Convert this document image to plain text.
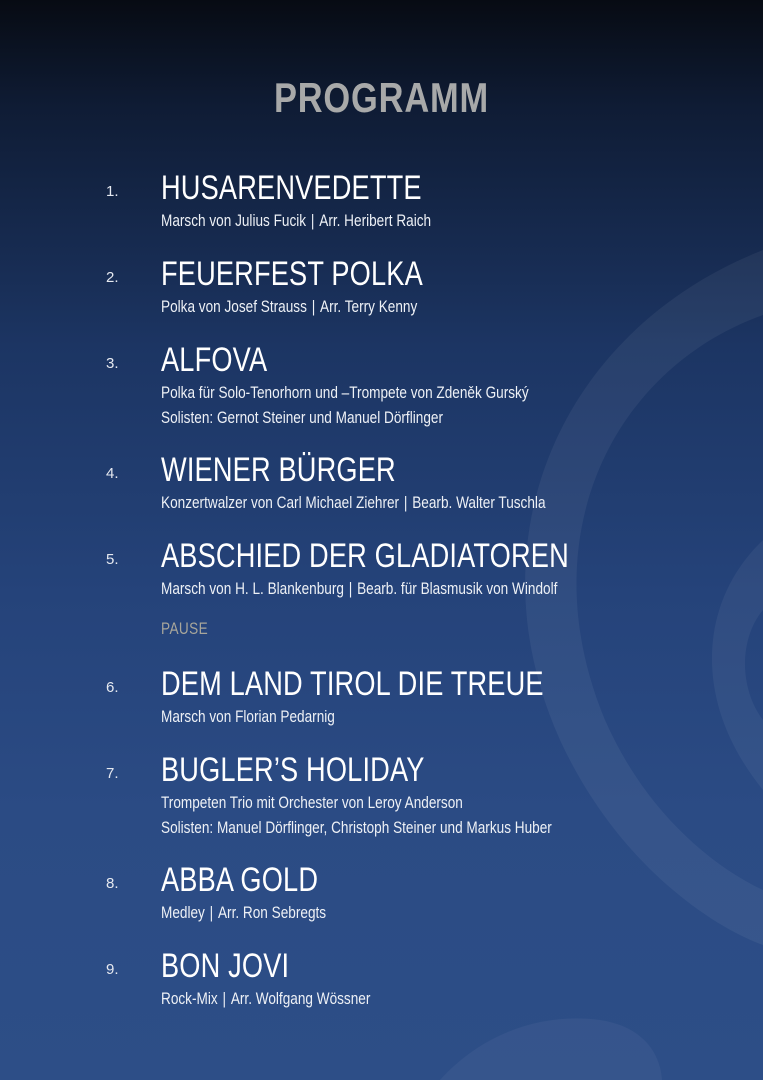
PROGRAMM
1.	HUSARENVEDETTE
Marsch von Julius Fucik | Arr. Heribert Raich
2.	FEUERFEST POLKA
Polka von Josef Strauss | Arr. Terry Kenny
3.	ALFOVA
Polka für Solo-Tenorhorn und –Trompete von Zdeněk Gurský
Solisten: Gernot Steiner und Manuel Dörflinger
4.	WIENER BÜRGER
Konzertwalzer von Carl Michael Ziehrer | Bearb. Walter Tuschla
5.	ABSCHIED DER GLADIATOREN
Marsch von H. L. Blankenburg | Bearb. für Blasmusik von Windolf
PAUSE
6.	DEM LAND TIROL DIE TREUE
Marsch von Florian Pedarnig
7.	BUGLER’S HOLIDAY
Trompeten Trio mit Orchester von Leroy Anderson
Solisten: Manuel Dörflinger, Christoph Steiner und Markus Huber
8.	ABBA GOLD
Medley | Arr. Ron Sebregts
9.	BON JOVI
Rock-Mix | Arr. Wolfgang Wössner
